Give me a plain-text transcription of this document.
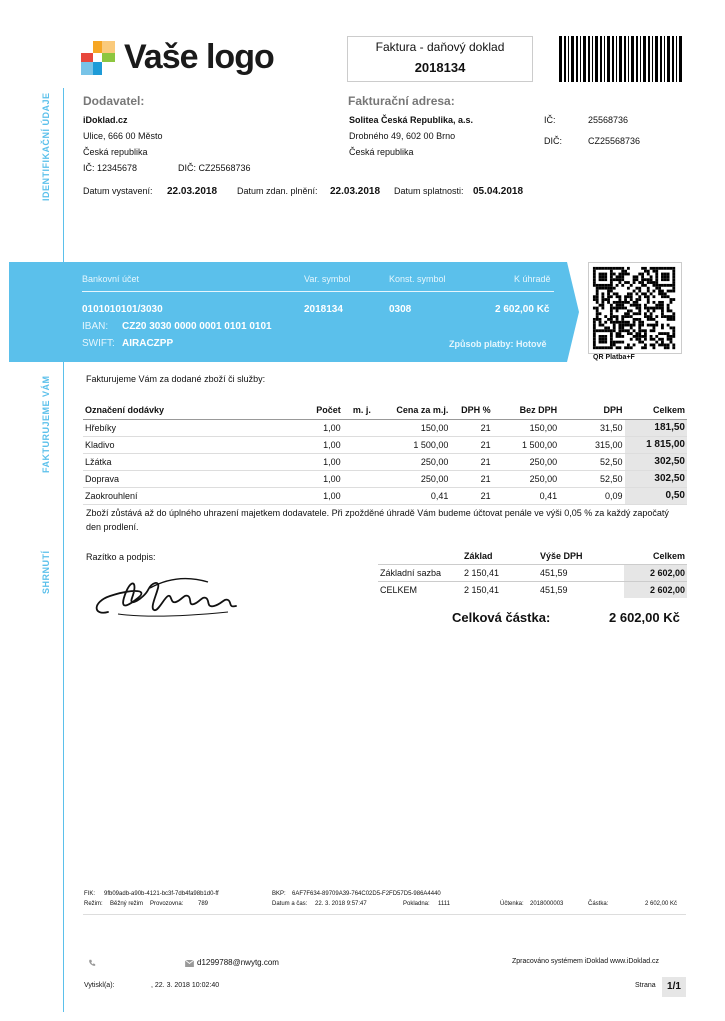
IDENTIFIKAČNÍ ÚDAJE
FAKTURUJEME VÁM
SHRNUTÍ
Vaše logo	Faktura - daňový doklad
2018134
Dodavatel:
iDoklad.cz
Ulice, 666 00 Město
Česká republika
IČ: 12345678	DIČ: CZ25568736
Fakturační adresa:
Solitea Česká Republika, a.s.
Drobného 49, 602 00 Brno
Česká republika
IČ:	25568736
DIČ:	CZ25568736
Datum vystavení: 22.03.2018 Datum zdan. plnění: 22.03.2018 Datum splatnosti: 05.04.2018
Bankovní účet	Var. symbol	Konst. symbol	K úhradě
0101010101/3030	2018134	0308	2 602,00 Kč
IBAN: CZ20 3030 0000 0001 0101 0101
SWIFT: AIRACZPP	Způsob platby: Hotově
QR Platba+F
Fakturujeme Vám za dodané zboží či služby:
Označení dodávky	Počet	m. j.	Cena za m.j.	DPH %	Bez DPH	DPH	Celkem
Hřebíky	1,00		150,00	21	150,00	31,50	181,50
Kladivo	1,00		1 500,00	21	1 500,00	315,00	1 815,00
Lžátka	1,00		250,00	21	250,00	52,50	302,50
Doprava	1,00		250,00	21	250,00	52,50	302,50
Zaokrouhlení	1,00		0,41	21	0,41	0,09	0,50
Zboží zůstává až do úplného uhrazení majetkem dodavatele. Při zpožděné úhradě Vám budeme účtovat penále ve výši 0,05 % za každý započatý den prodlení.
Razítko a podpis:
		Základ	Výše DPH	Celkem
Základní sazba	2 150,41	451,59	2 602,00
CELKEM	2 150,41	451,59	2 602,00
Celková částka:	2 602,00 Kč
FIK: 9fb09adb-a90b-4121-bc3f-7db4fa98b1d0-ff	BKP: 6AF7F634-89709A39-764C02D5-F2FD57D5-986A4440
Režim: Běžný režim Provozovna: 789	Datum a čas: 22. 3. 2018 9:57:47	Pokladna: 1111	Účtenka: 2018000003	Částka:	2 602,00 Kč
d1299788@nwytg.com	Zpracováno systémem iDoklad www.iDoklad.cz
Vytiskl(a):	, 22. 3. 2018 10:02:40	Strana	1/1
